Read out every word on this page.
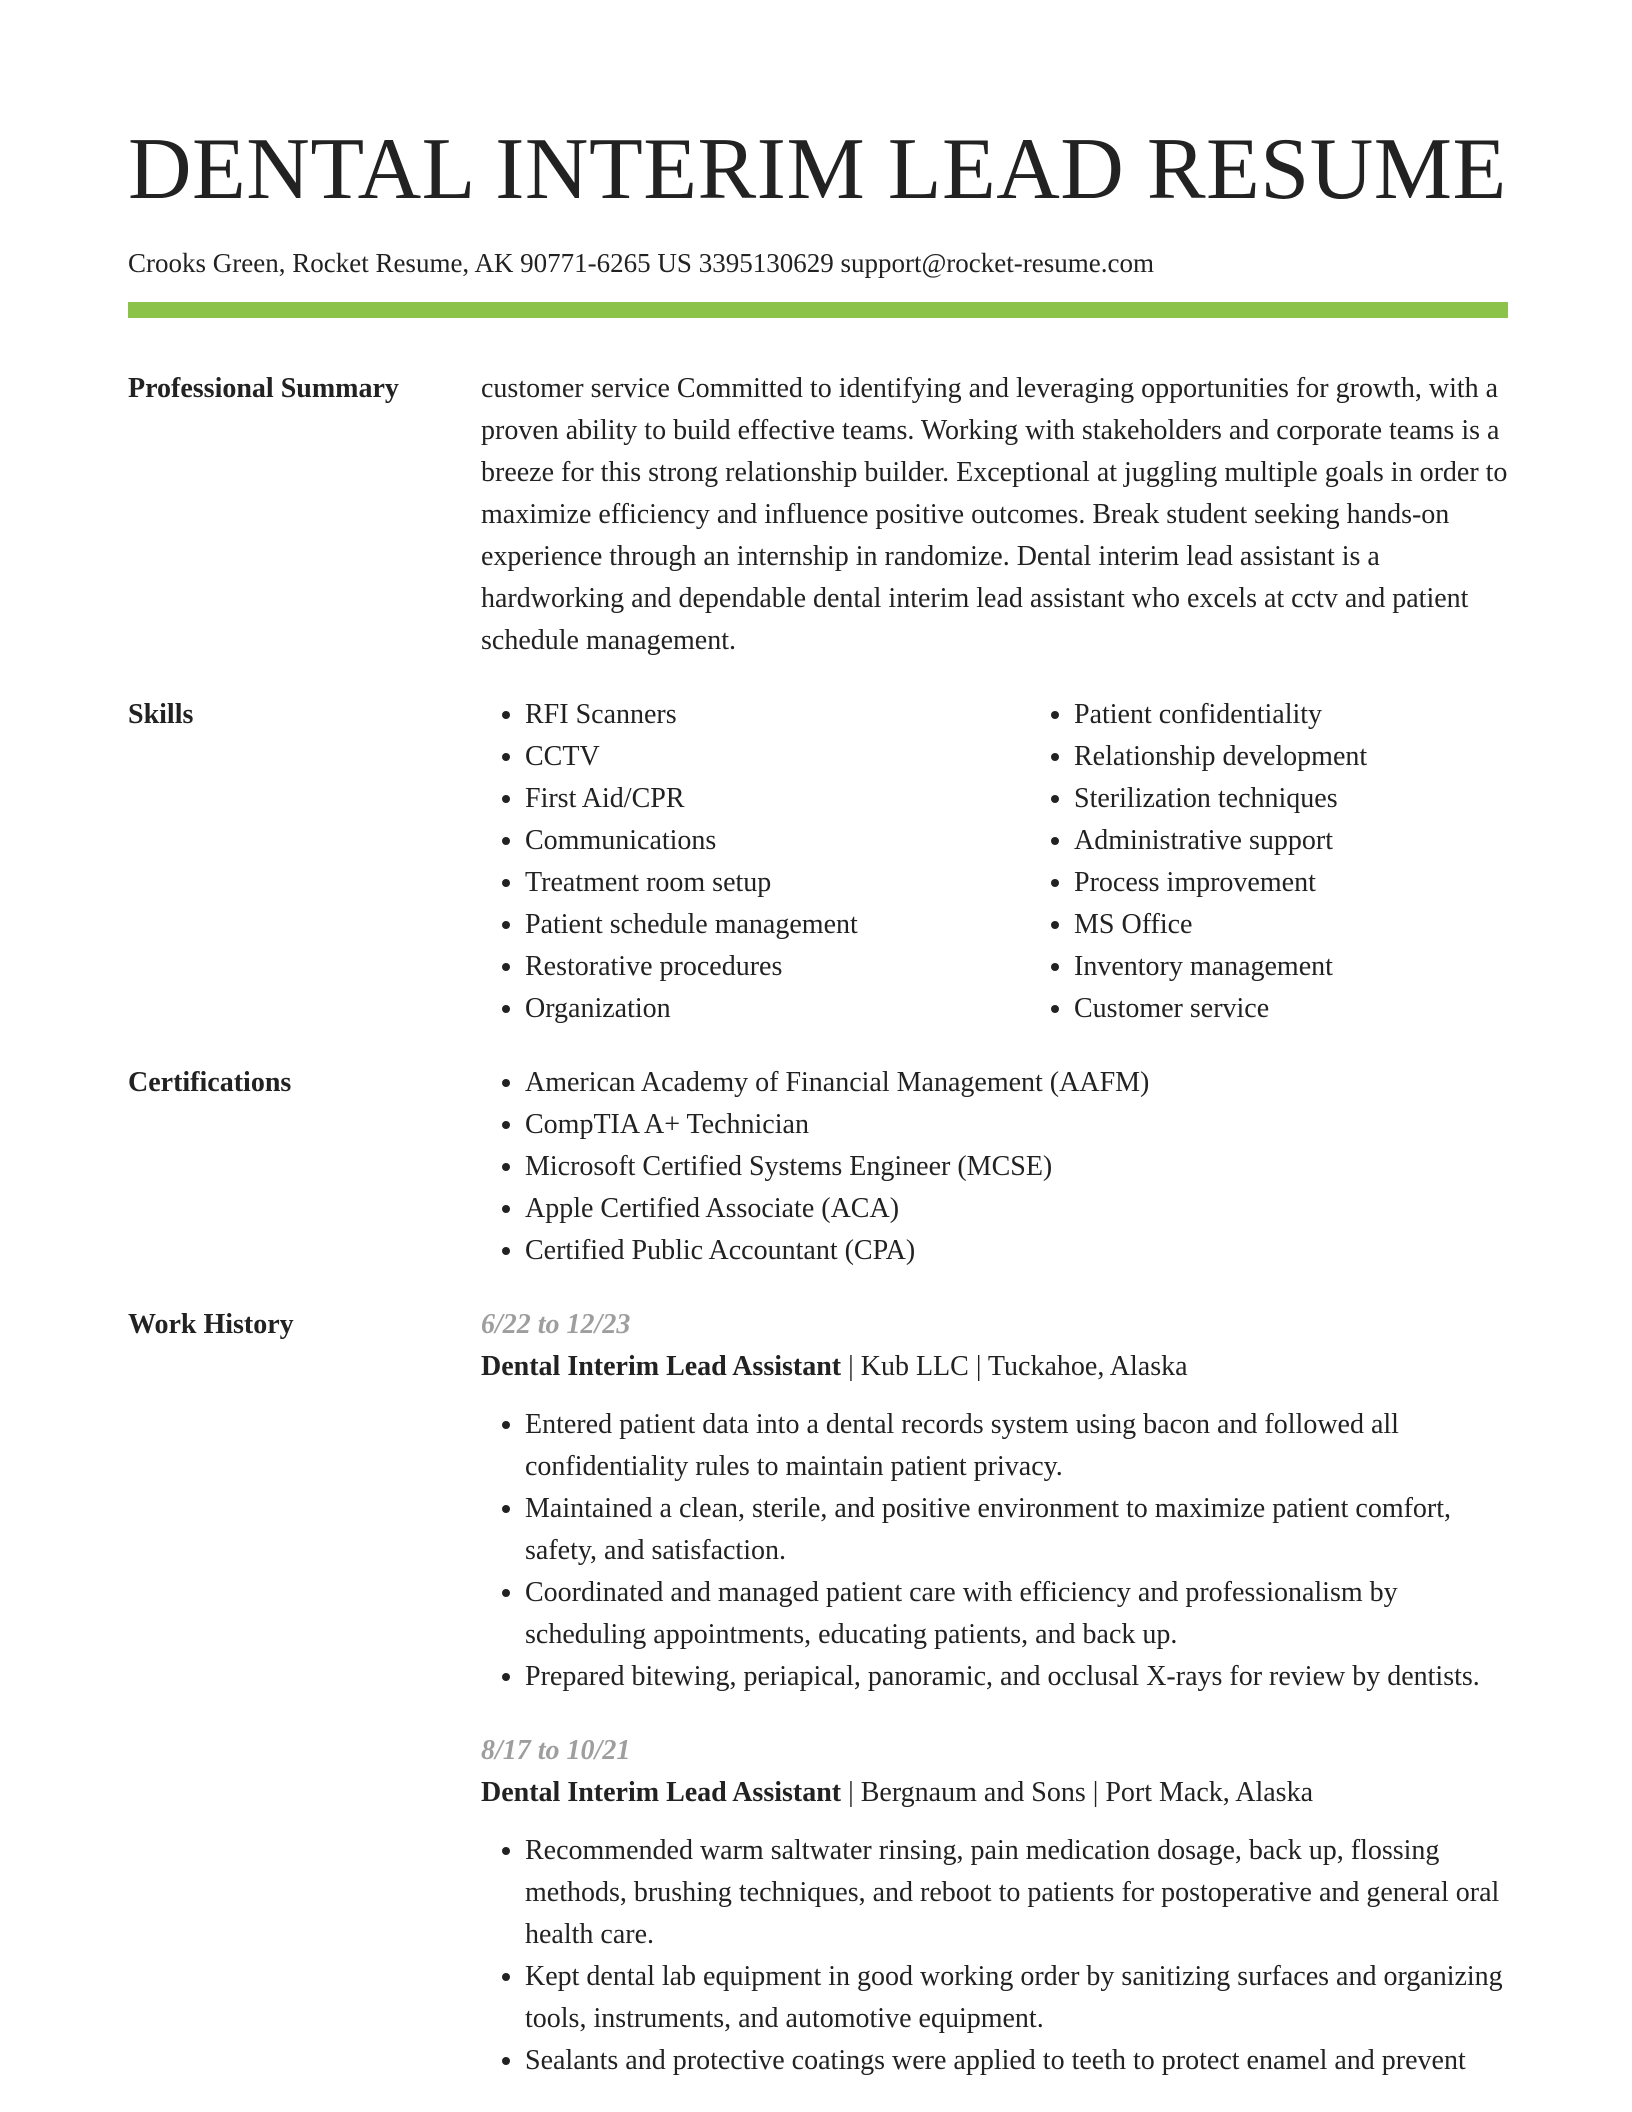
DENTAL INTERIM LEAD RESUME
Crooks Green, Rocket Resume, AK 90771-6265 US 3395130629 support@rocket-resume.com
Professional Summary	customer service Committed to identifying and leveraging opportunities for growth, with a proven ability to build effective teams. Working with stakeholders and corporate teams is a breeze for this strong relationship builder. Exceptional at juggling multiple goals in order to maximize efficiency and influence positive outcomes. Break student seeking hands-on experience through an internship in randomize. Dental interim lead assistant is a hardworking and dependable dental interim lead assistant who excels at cctv and patient schedule management.
Skills	• RFI Scanners
• CCTV
• First Aid/CPR
• Communications
• Treatment room setup
• Patient schedule management
• Restorative procedures
• Organization
• Patient confidentiality
• Relationship development
• Sterilization techniques
• Administrative support
• Process improvement
• MS Office
• Inventory management
• Customer service
Certifications	• American Academy of Financial Management (AAFM)
• CompTIA A+ Technician
• Microsoft Certified Systems Engineer (MCSE)
• Apple Certified Associate (ACA)
• Certified Public Accountant (CPA)
Work History	6/22 to 12/23
Dental Interim Lead Assistant | Kub LLC | Tuckahoe, Alaska
• Entered patient data into a dental records system using bacon and followed all confidentiality rules to maintain patient privacy.
• Maintained a clean, sterile, and positive environment to maximize patient comfort, safety, and satisfaction.
• Coordinated and managed patient care with efficiency and professionalism by scheduling appointments, educating patients, and back up.
• Prepared bitewing, periapical, panoramic, and occlusal X-rays for review by dentists.
8/17 to 10/21
Dental Interim Lead Assistant | Bergnaum and Sons | Port Mack, Alaska
• Recommended warm saltwater rinsing, pain medication dosage, back up, flossing methods, brushing techniques, and reboot to patients for postoperative and general oral health care.
• Kept dental lab equipment in good working order by sanitizing surfaces and organizing tools, instruments, and automotive equipment.
• Sealants and protective coatings were applied to teeth to protect enamel and prevent
